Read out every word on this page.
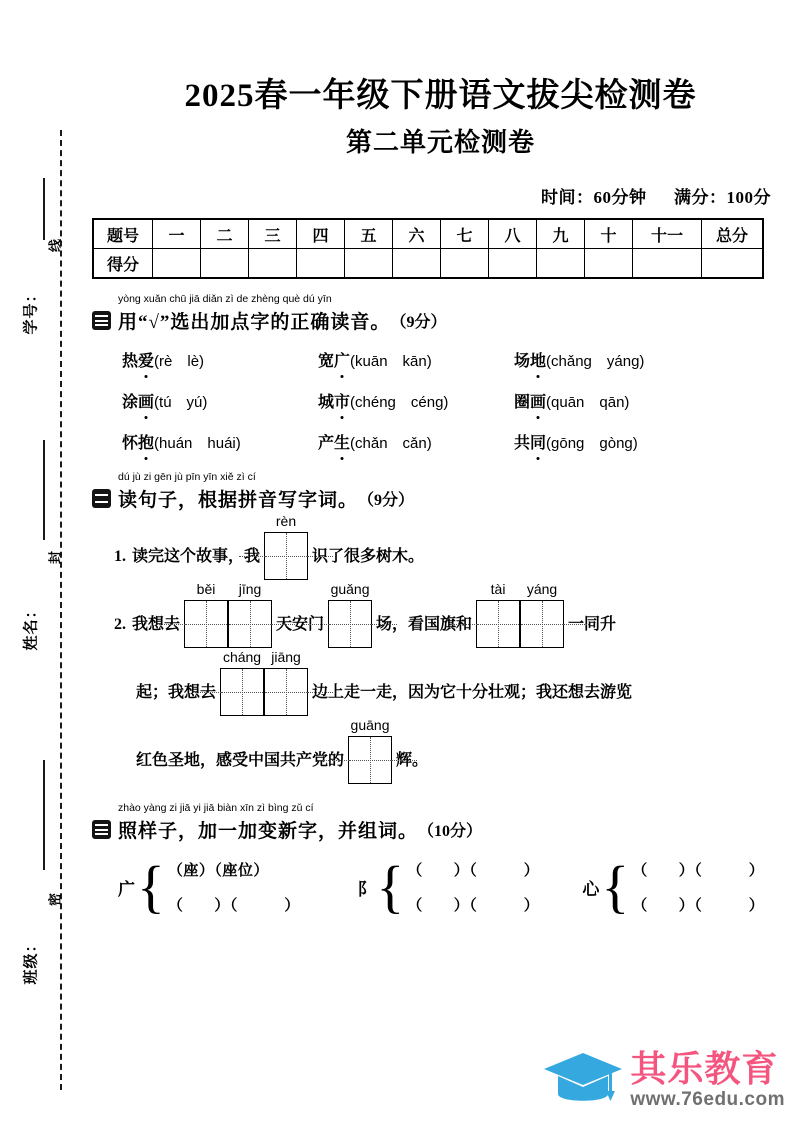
线
学号：
封
姓名：
密
班级：
2025春一年级下册语文拔尖检测卷
第二单元检测卷
时间：60分钟 满分：100分
题号	一	二	三	四	五	六	七	八	九	十	十一	总分
得分												
yòng xuǎn chū jiā diǎn zì de zhèng què dú yīn
用“√”选出加点字的正确读音。 （9分）
热爱(rè　lè)	宽广(kuān　kān)	场地(chǎng　yáng)
涂画(tú　yú)	城市(chéng　céng)	圈画(quān　qān)
怀抱(huán　huái)	产生(chǎn　cǎn)	共同(gōng　gòng)
dú jù zi gēn jù pīn yīn xiě zì cí
读句子，根据拼音写字词。 （9分）
1. 读完这个故事，我
rèn
识了很多树木。
2. 我想去
běi	jīng
天安门
guǎng
场，看国旗和
tài	yáng
一同升
起；我想去
cháng jiāng
边上走一走，因为它十分壮观；我还想去游览
红色圣地，感受中国共产党的
guāng
辉。
zhào yàng zi jiā yi jiā biàn xīn zì bìng zǔ cí
照样子，加一加变新字，并组词。 （10分）
广 { （座）（座位）
（　　）（　　　）
阝 { （　　）（　　　）
（　　）（　　　）
心 { （　　）（　　　）
（　　）（　　　）
其乐教育
www.76edu.com
